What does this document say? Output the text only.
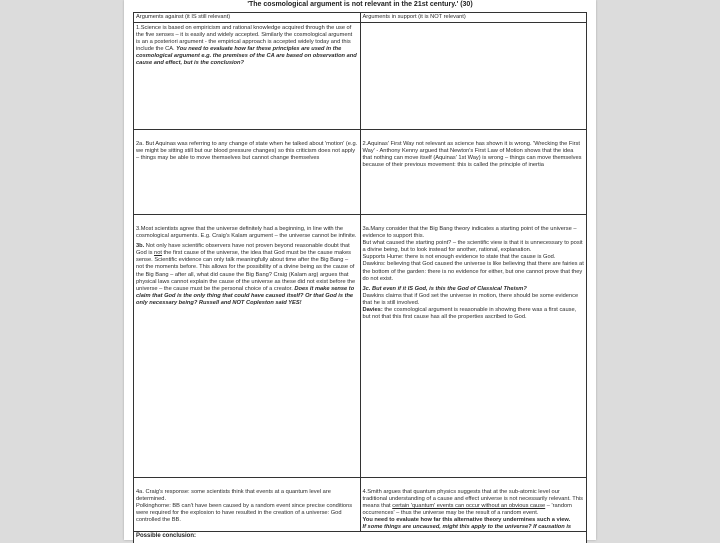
'The cosmological argument is not relevant in the 21st century.' (30)
Arguments against (it IS still relevant)	Arguments in support (it is NOT relevant)
1.Science is based on empiricism and rational knowledge acquired through the use of the five senses – it is easily and widely accepted. Similarly the cosmological argument is an a posteriori argument - the empirical approach is accepted widely today and this include the CA. You need to evaluate how far these principles are used in the cosmological argument e.g. the premises of the CA are based on observation and cause and effect, but is the conclusion?
2a. But Aquinas was referring to any change of state when he talked about 'motion' (e.g. we might be sitting still but our blood pressure changes) so this criticism does not apply – things may be able to move themselves but cannot change themselves
2.Aquinas' First Way not relevant as science has shown it is wrong. 'Wrecking the First Way' - Anthony Kenny argued that Newton's First Law of Motion shows that the idea that nothing can move itself (Aquinas' 1st Way) is wrong – things can move themselves because of their previous movement: this is called the principle of inertia
3.Most scientists agree that the universe definitely had a beginning, in line with the cosmological arguments. E.g. Craig's Kalam argument – the universe cannot be infinite.
3b. Not only have scientific observers have not proven beyond reasonable doubt that God is not the first cause of the universe, the idea that God must be the cause makes sense. Scientific evidence can only talk meaningfully about time after the Big Bang – not the moments before. This allows for the possibility of a divine being as the cause of the Big Bang – after all, what did cause the Big Bang? Craig (Kalam arg) argues that physical laws cannot explain the cause of the universe as these did not exist before the universe – the cause must be the personal choice of a creator. Does it make sense to claim that God is the only thing that could have caused itself? Or that God is the only necessary being? Russell and NOT Copleston said YES!
3a.Many consider that the Big Bang theory indicates a starting point of the universe – evidence to support this.
But what caused the starting point? – the scientific view is that it is unnecessary to posit a divine being, but to look instead for another, rational, explanation.
Supports Hume: there is not enough evidence to state that the cause is God.
Dawkins: believing that God caused the universe is like believing that there are fairies at the bottom of the garden: there is no evidence for either, but one cannot prove that they do not exist.
3c. But even if it IS God, is this the God of Classical Theism?
Dawkins claims that if God set the universe in motion, there should be some evidence that he is still involved.
Davies: the cosmological argument is reasonable in showing there was a first cause, but not that this first cause has all the properties ascribed to God.
4a. Craig's response: some scientists think that events at a quantum level are determined.
Polkinghorne: BB can't have been caused by a random event since precise conditions were required for the explosion to have resulted in the creation of a universe: God controlled the BB.
4.Smith argues that quantum physics suggests that at the sub-atomic level our traditional understanding of a cause and effect universe is not necessarily relevant. This means that certain 'quantum' events can occur without an obvious cause – 'random occurrences' – thus the universe may be the result of a random event.
You need to evaluate how far this alternative theory undermines such a view.
If some things are uncaused, might this apply to the universe? If causation is
Possible conclusion:
